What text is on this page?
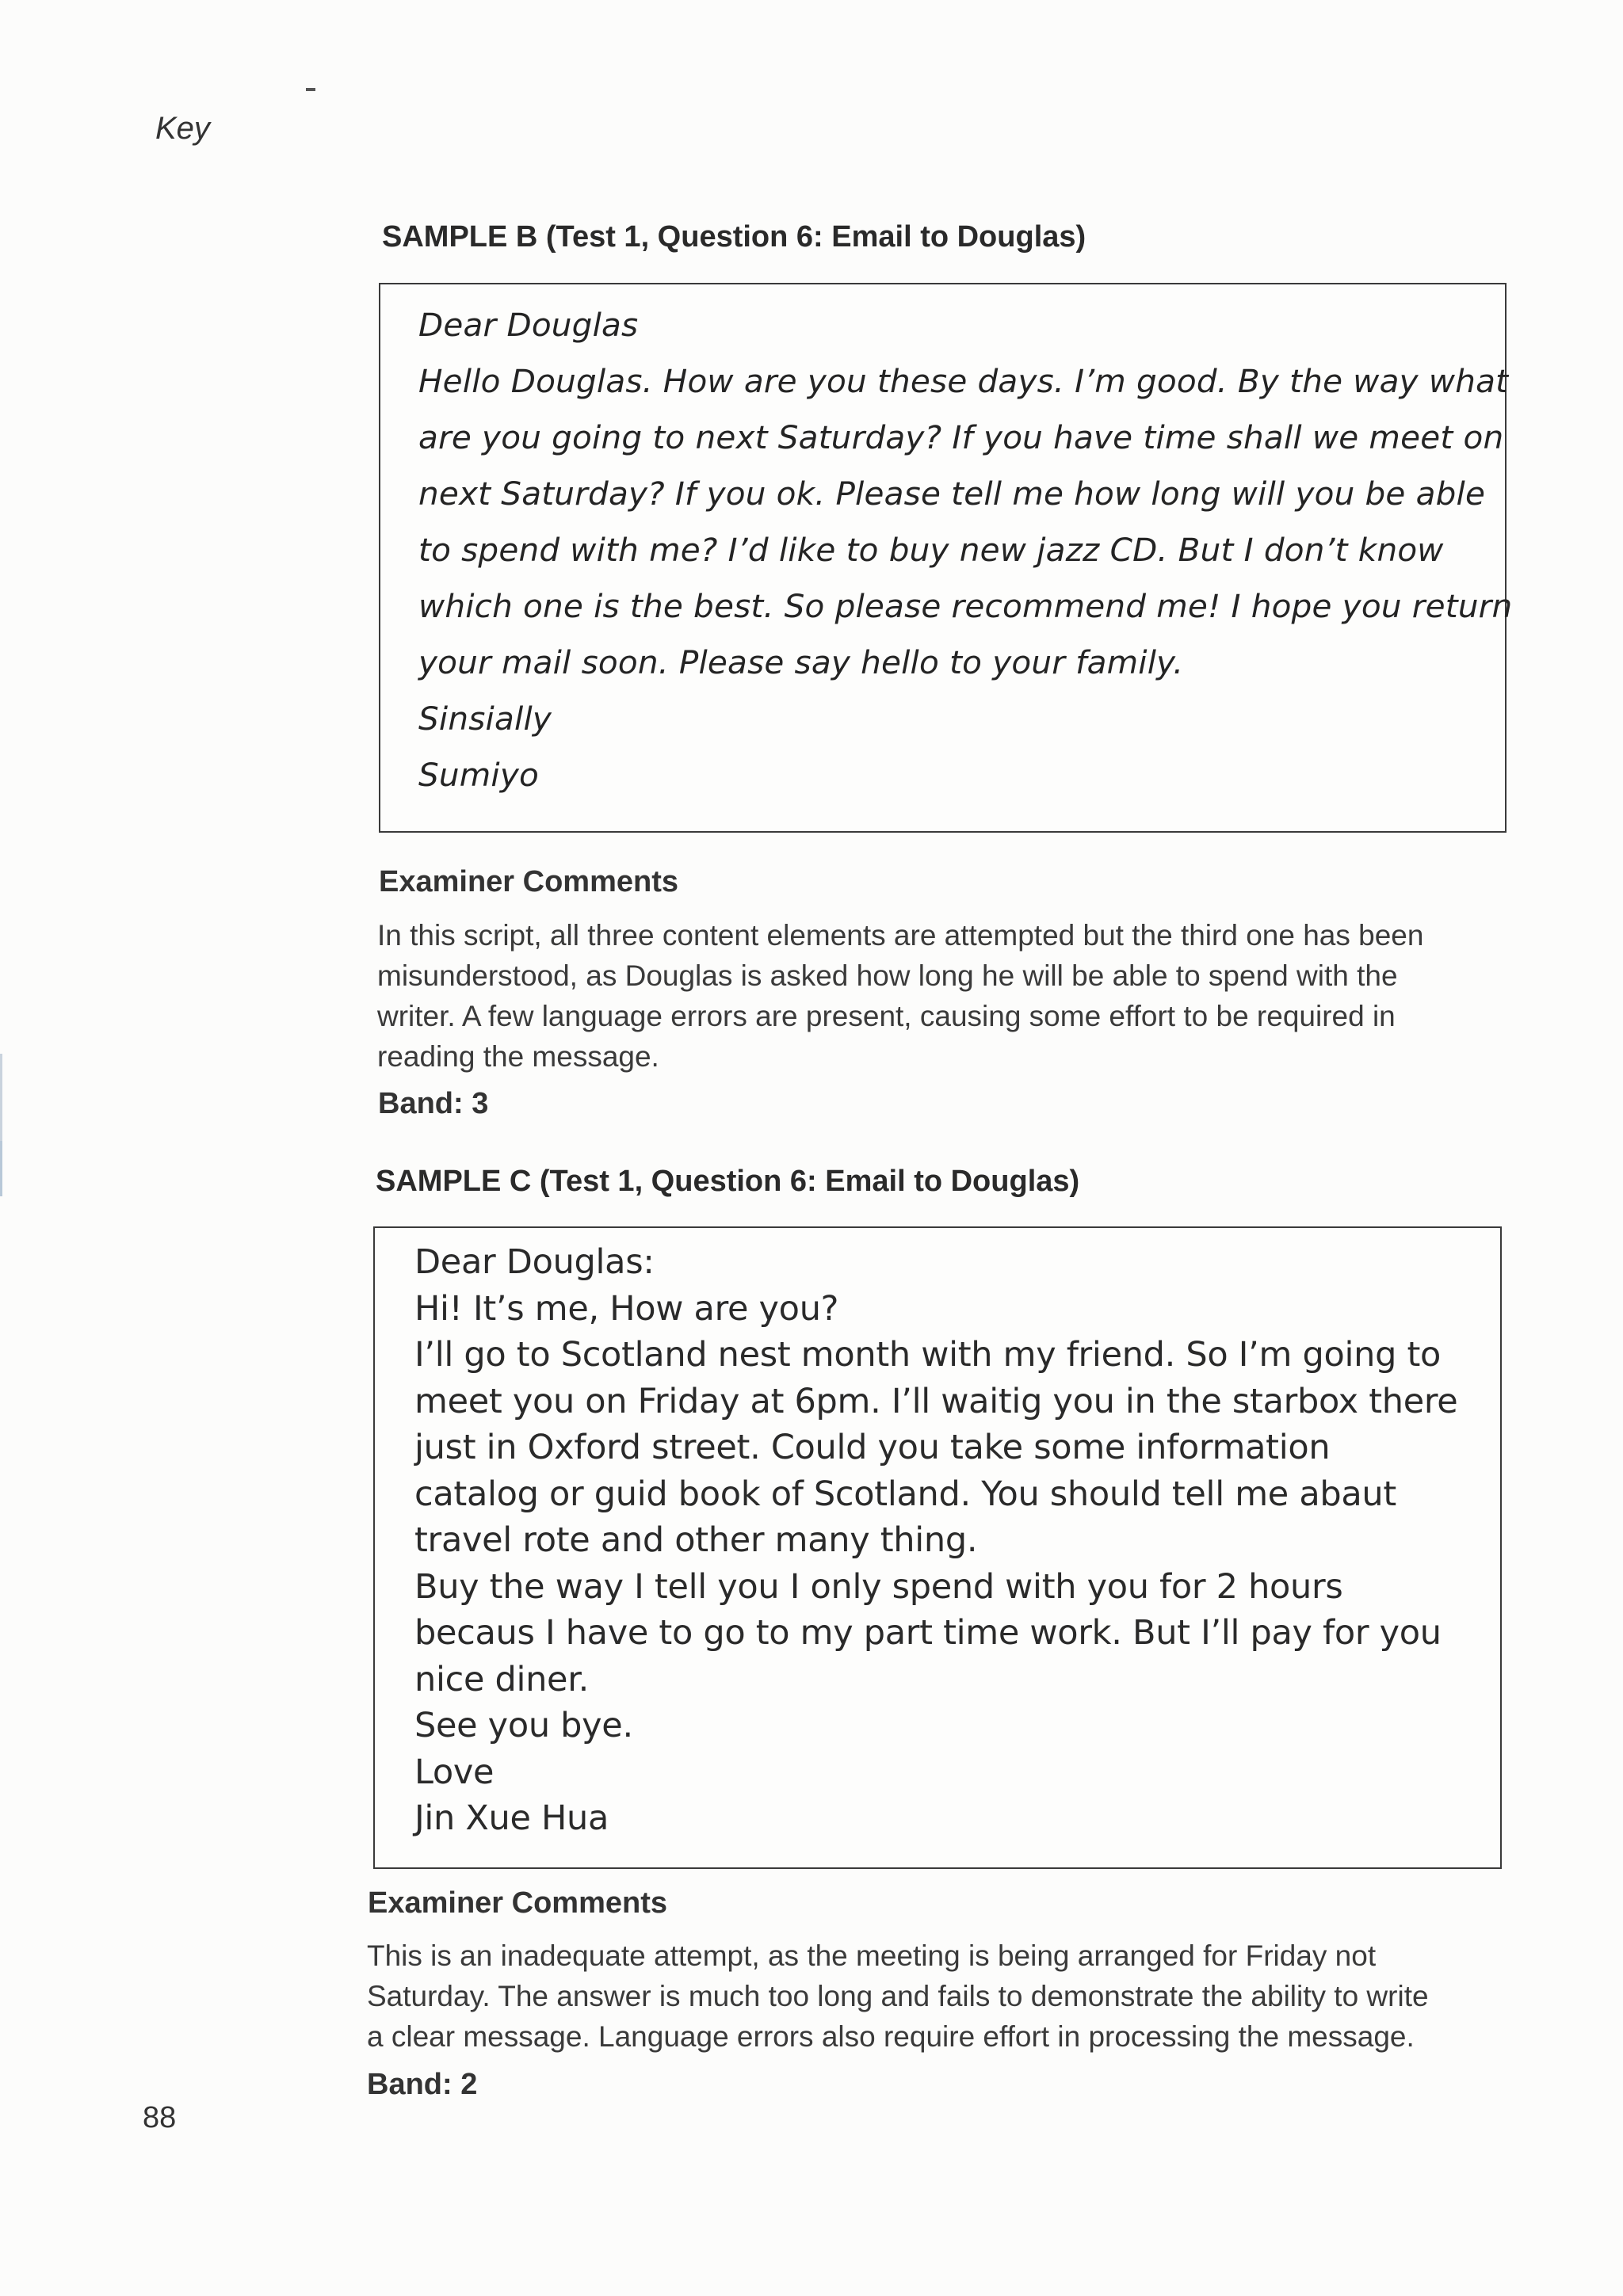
Key
SAMPLE B (Test 1, Question 6: Email to Douglas)
Dear Douglas
Hello Douglas. How are you these days. I’m good. By the way what
are you going to next Saturday? If you have time shall we meet on
next Saturday? If you ok. Please tell me how long will you be able
to spend with me? I’d like to buy new jazz CD. But I don’t know
which one is the best. So please recommend me! I hope you return
your mail soon. Please say hello to your family.
Sinsially
Sumiyo
Examiner Comments
In this script, all three content elements are attempted but the third one has been
misunderstood, as Douglas is asked how long he will be able to spend with the
writer. A few language errors are present, causing some effort to be required in
reading the message.
Band: 3
SAMPLE C (Test 1, Question 6: Email to Douglas)
Dear Douglas:
Hi! It’s me, How are you?
I’ll go to Scotland nest month with my friend. So I’m going to
meet you on Friday at 6pm. I’ll waitig you in the starbox there
just in Oxford street. Could you take some information
catalog or guid book of Scotland. You should tell me abaut
travel rote and other many thing.
Buy the way I tell you I only spend with you for 2 hours
becaus I have to go to my part time work. But I’ll pay for you
nice diner.
See you bye.
Love
Jin Xue Hua
Examiner Comments
This is an inadequate attempt, as the meeting is being arranged for Friday not
Saturday. The answer is much too long and fails to demonstrate the ability to write
a clear message. Language errors also require effort in processing the message.
Band: 2
88
